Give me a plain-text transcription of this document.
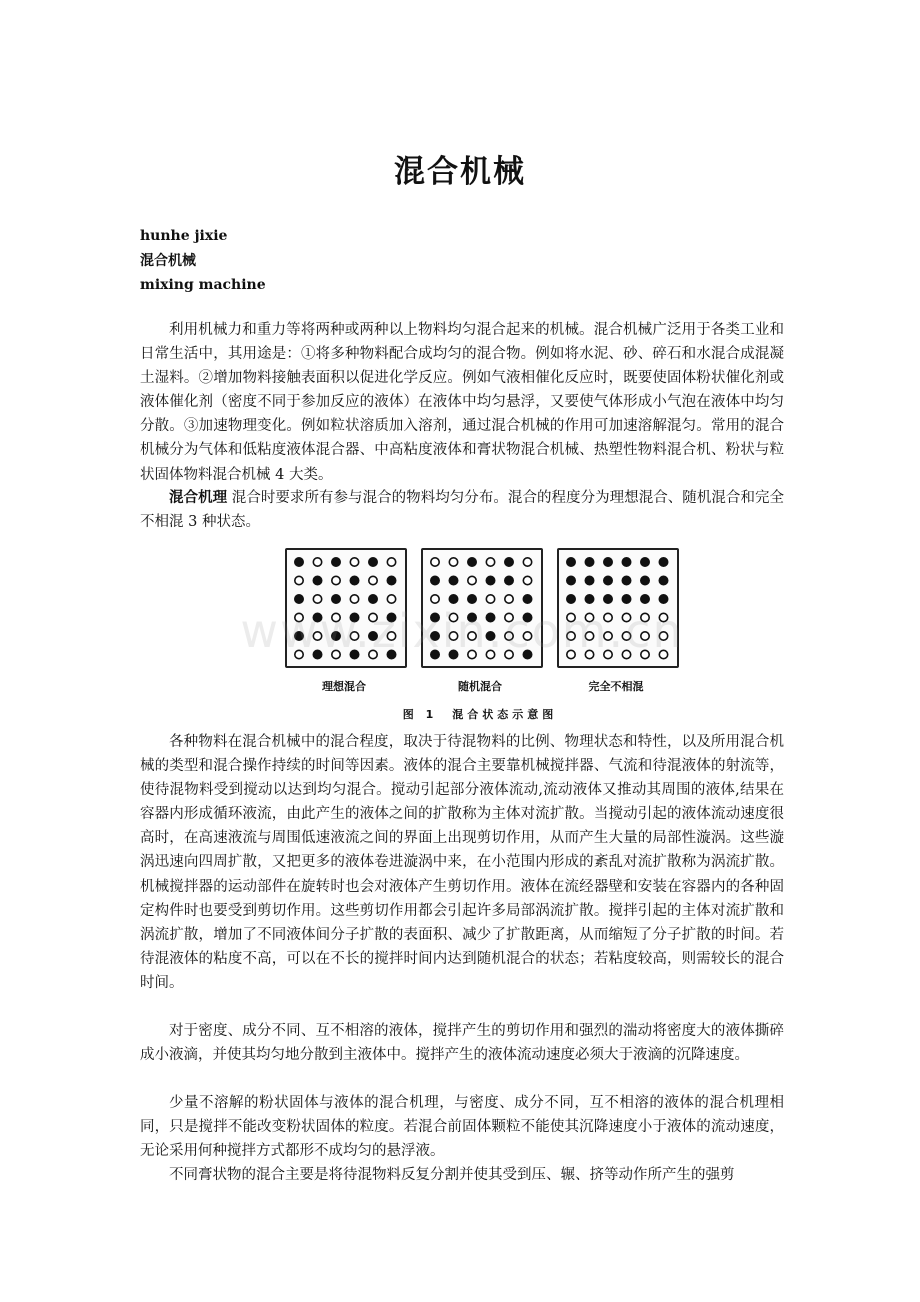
混合机械
hunhe jixie
混合机械
mixing machine

利用机械力和重力等将两种或两种以上物料均匀混合起来的机械。混合机械广泛用于各类工业和日常生活中，其用途是：①将多种物料配合成均匀的混合物。例如将水泥、砂、碎石和水混合成混凝土湿料。②增加物料接触表面积以促进化学反应。例如气液相催化反应时，既要使固体粉状催化剂或液体催化剂（密度不同于参加反应的液体）在液体中均匀悬浮，又要使气体形成小气泡在液体中均匀分散。③加速物理变化。例如粒状溶质加入溶剂，通过混合机械的作用可加速溶解混匀。常用的混合机械分为气体和低粘度液体混合器、中高粘度液体和膏状物混合机械、热塑性物料混合机、粉状与粒状固体物料混合机械 4 大类。

混合机理 混合时要求所有参与混合的物料均匀分布。混合的程度分为理想混合、随机混合和完全不相混 3 种状态。

理想混合	随机混合	完全不相混
图 1　混合状态示意图
www.zixin.com.cn

各种物料在混合机械中的混合程度，取决于待混物料的比例、物理状态和特性，以及所用混合机械的类型和混合操作持续的时间等因素。液体的混合主要靠机械搅拌器、气流和待混液体的射流等，使待混物料受到搅动以达到均匀混合。搅动引起部分液体流动,流动液体又推动其周围的液体,结果在容器内形成循环液流，由此产生的液体之间的扩散称为主体对流扩散。当搅动引起的液体流动速度很高时，在高速液流与周围低速液流之间的界面上出现剪切作用，从而产生大量的局部性漩涡。这些漩涡迅速向四周扩散，又把更多的液体卷进漩涡中来，在小范围内形成的紊乱对流扩散称为涡流扩散。机械搅拌器的运动部件在旋转时也会对液体产生剪切作用。液体在流经器壁和安装在容器内的各种固定构件时也要受到剪切作用。这些剪切作用都会引起许多局部涡流扩散。搅拌引起的主体对流扩散和涡流扩散，增加了不同液体间分子扩散的表面积、减少了扩散距离，从而缩短了分子扩散的时间。若待混液体的粘度不高，可以在不长的搅拌时间内达到随机混合的状态；若粘度较高，则需较长的混合时间。

对于密度、成分不同、互不相溶的液体，搅拌产生的剪切作用和强烈的湍动将密度大的液体撕碎成小液滴，并使其均匀地分散到主液体中。搅拌产生的液体流动速度必须大于液滴的沉降速度。

少量不溶解的粉状固体与液体的混合机理，与密度、成分不同，互不相溶的液体的混合机理相同，只是搅拌不能改变粉状固体的粒度。若混合前固体颗粒不能使其沉降速度小于液体的流动速度，无论采用何种搅拌方式都形不成均匀的悬浮液。

不同膏状物的混合主要是将待混物料反复分割并使其受到压、辗、挤等动作所产生的强剪
